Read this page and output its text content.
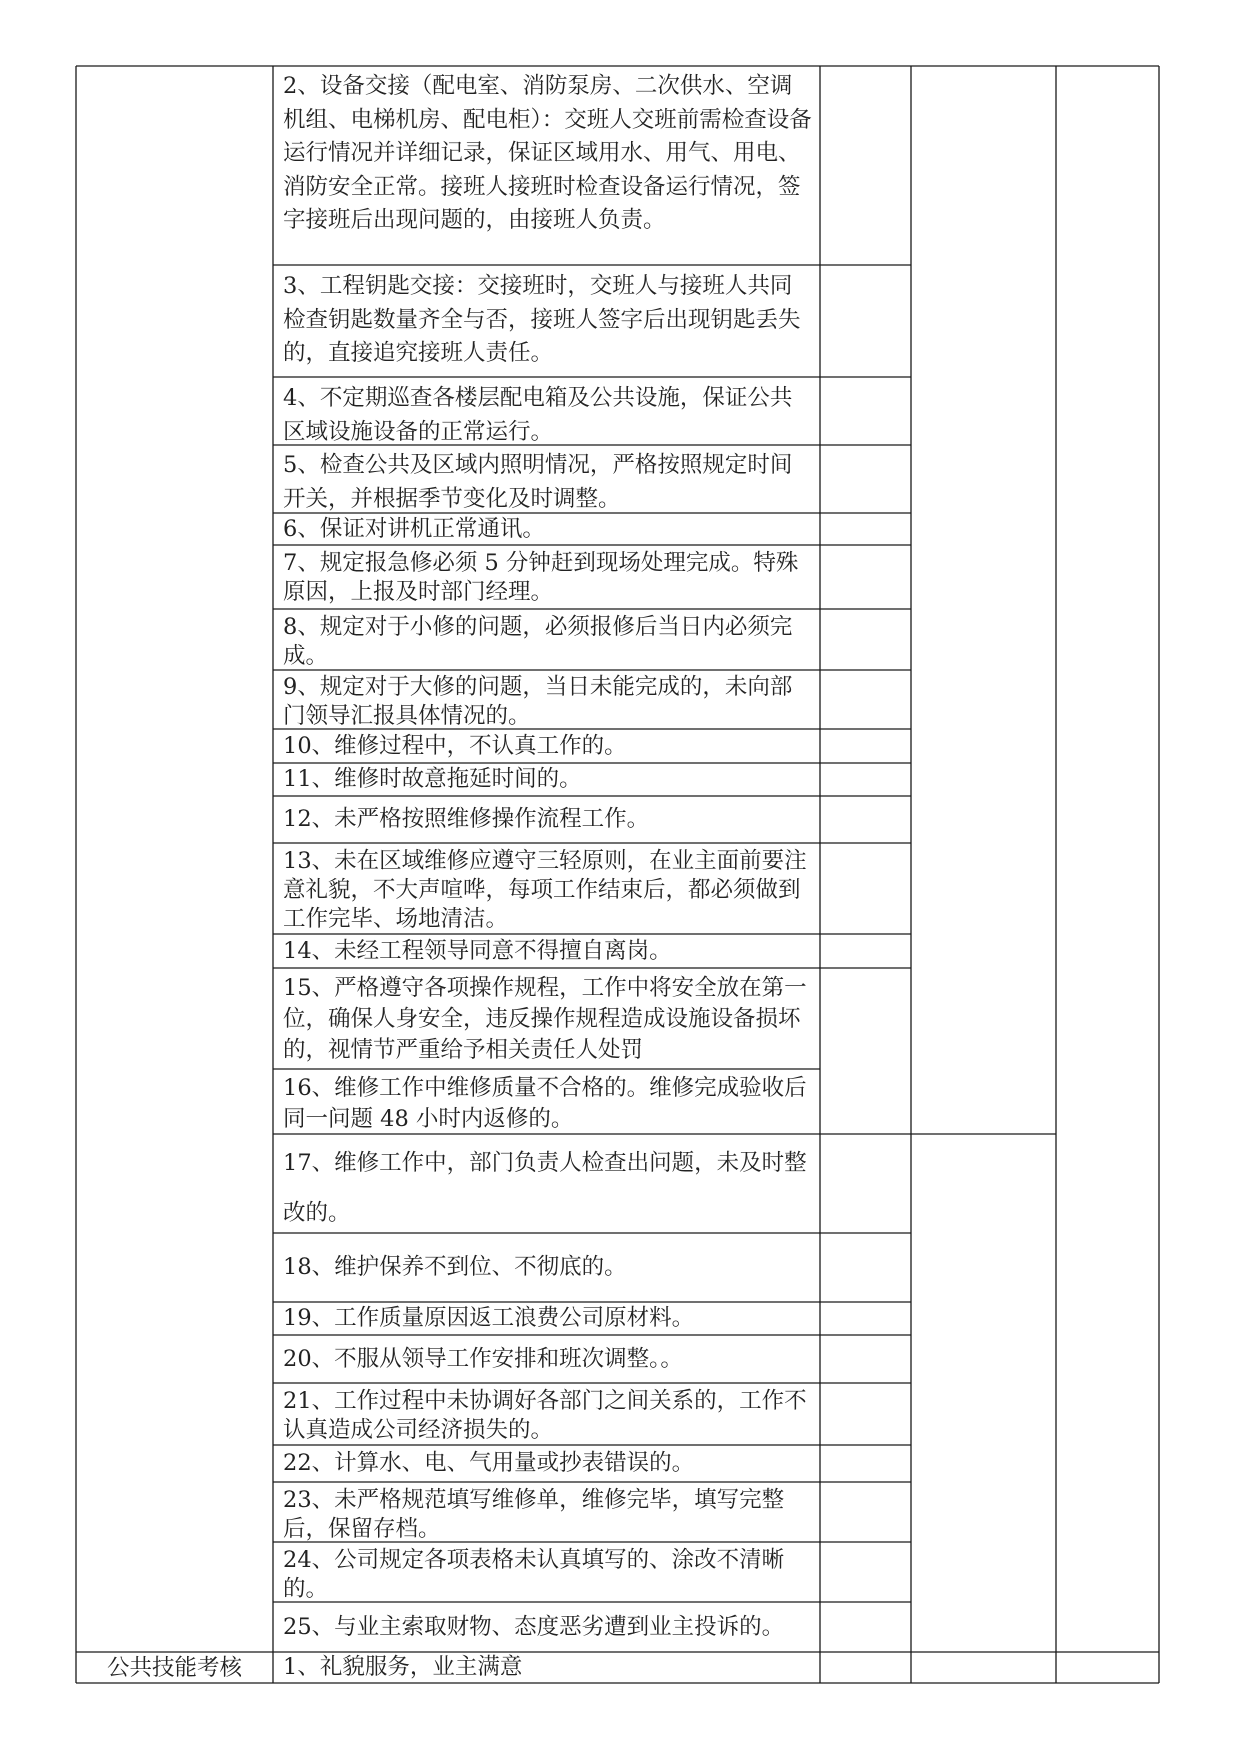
2、设备交接（配电室、消防泵房、二次供水、空调机组、电梯机房、配电柜）：交班人交班前需检查设备运行情况并详细记录，保证区域用水、用气、用电、消防安全正常。接班人接班时检查设备运行情况，签字接班后出现问题的，由接班人负责。
3、工程钥匙交接：交接班时，交班人与接班人共同检查钥匙数量齐全与否，接班人签字后出现钥匙丢失的，直接追究接班人责任。
4、不定期巡查各楼层配电箱及公共设施，保证公共区域设施设备的正常运行。
5、检查公共及区域内照明情况，严格按照规定时间开关，并根据季节变化及时调整。
6、保证对讲机正常通讯。
7、规定报急修必须 5 分钟赶到现场处理完成。特殊原因，上报及时部门经理。
8、规定对于小修的问题，必须报修后当日内必须完成。
9、规定对于大修的问题，当日未能完成的，未向部门领导汇报具体情况的。
10、维修过程中，不认真工作的。
11、维修时故意拖延时间的。
12、未严格按照维修操作流程工作。
13、未在区域维修应遵守三轻原则，在业主面前要注意礼貌，不大声喧哗，每项工作结束后，都必须做到工作完毕、场地清洁。
14、未经工程领导同意不得擅自离岗。
15、严格遵守各项操作规程，工作中将安全放在第一位，确保人身安全，违反操作规程造成设施设备损坏的，视情节严重给予相关责任人处罚
16、维修工作中维修质量不合格的。维修完成验收后同一问题 48 小时内返修的。
17、维修工作中，部门负责人检查出问题，未及时整改的。
18、维护保养不到位、不彻底的。
19、工作质量原因返工浪费公司原材料。
20、不服从领导工作安排和班次调整。。
21、工作过程中未协调好各部门之间关系的，工作不认真造成公司经济损失的。
22、计算水、电、气用量或抄表错误的。
23、未严格规范填写维修单，维修完毕，填写完整后，保留存档。
24、公司规定各项表格未认真填写的、涂改不清晰的。
25、与业主索取财物、态度恶劣遭到业主投诉的。
1、礼貌服务，业主满意
公共技能考核
